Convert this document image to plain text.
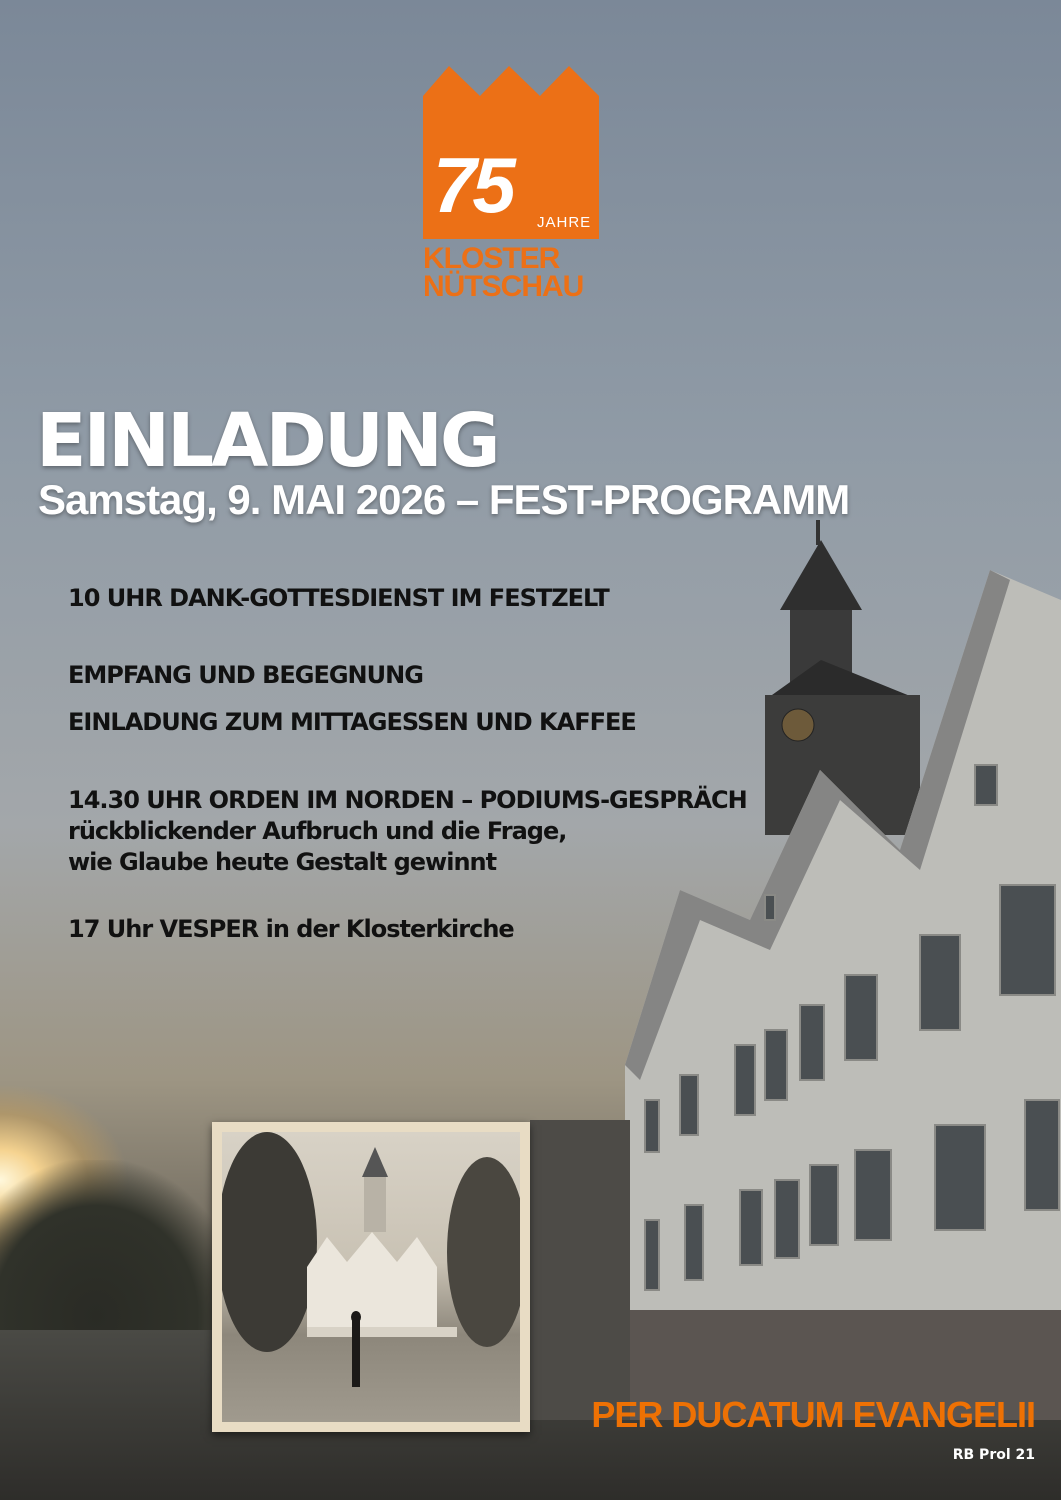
75 JAHRE
KLOSTER
NÜTSCHAU
EINLADUNG
Samstag, 9. MAI 2026 – FEST-PROGRAMM
10 UHR DANK-GOTTESDIENST IM FESTZELT
EMPFANG UND BEGEGNUNG
EINLADUNG ZUM MITTAGESSEN UND KAFFEE
14.30 UHR ORDEN IM NORDEN – PODIUMS-GESPRÄCH
rückblickender Aufbruch und die Frage,
wie Glaube heute Gestalt gewinnt
17 Uhr VESPER in der Klosterkirche
PER DUCATUM EVANGELII
RB Prol 21
